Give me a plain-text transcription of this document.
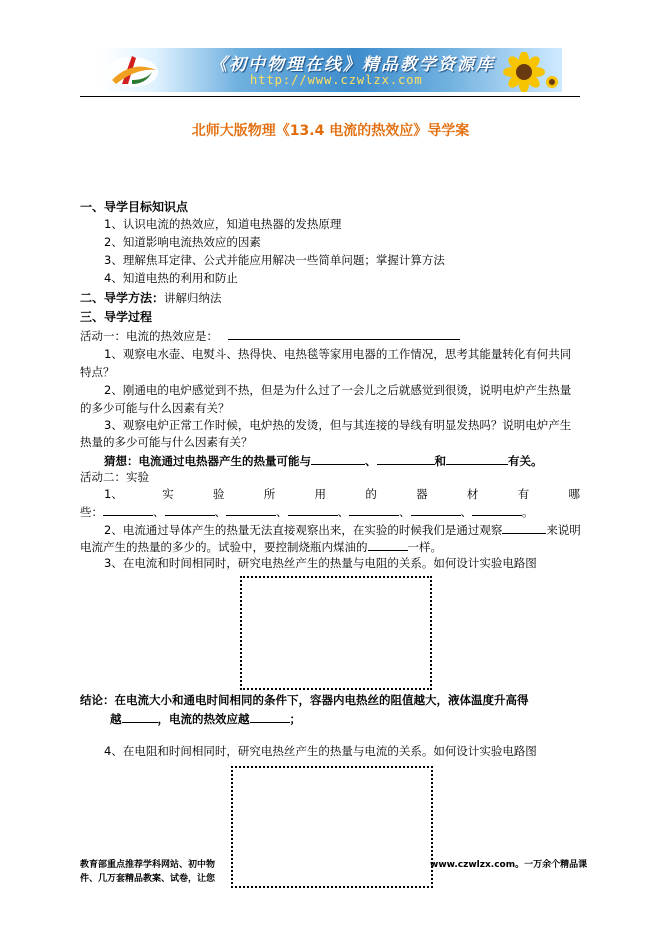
《初中物理在线》精品教学资源库
http://www.czwlzx.com
北师大版物理《13.4 电流的热效应》导学案
一、导学目标知识点
1、认识电流的热效应，知道电热器的发热原理
2、知道影响电流热效应的因素
3、理解焦耳定律、公式并能应用解决一些简单问题；掌握计算方法
4、知道电热的利用和防止
二、导学方法：讲解归纳法
三、导学过程
活动一：电流的热效应是：
1、观察电水壶、电熨斗、热得快、电热毯等家用电器的工作情况，思考其能量转化有何共同
特点？
2、刚通电的电炉感觉到不热，但是为什么过了一会儿之后就感觉到很烫，说明电炉产生热量
的多少可能与什么因素有关？
3、观察电炉正常工作时候，电炉热的发烫，但与其连接的导线有明显发热吗？说明电炉产生
热量的多少可能与什么因素有关？
猜想：电流通过电热器产生的热量可能与	、	和	有关。
活动二：实验
1、	实	验	所	用	的	器	材	有	哪
些：	、	、	、	、	、	、	。
2、电流通过导体产生的热量无法直接观察出来，在实验的时候我们是通过观察	来说明
电流产生的热量的多少的。试验中，要控制烧瓶内煤油的	一样。
3、在电流和时间相同时，研究电热丝产生的热量与电阻的关系。如何设计实验电路图
结论：在电流大小和通电时间相同的条件下，容器内电热丝的阻值越大，液体温度升高得
越	，电流的热效应越	；
4、在电阻和时间相同时，研究电热丝产生的热量与电流的关系。如何设计实验电路图
教育部重点推荐学科网站、初中物
件、几万套精品教案、试卷，让您
www.czwlzx.com。一万余个精品课
